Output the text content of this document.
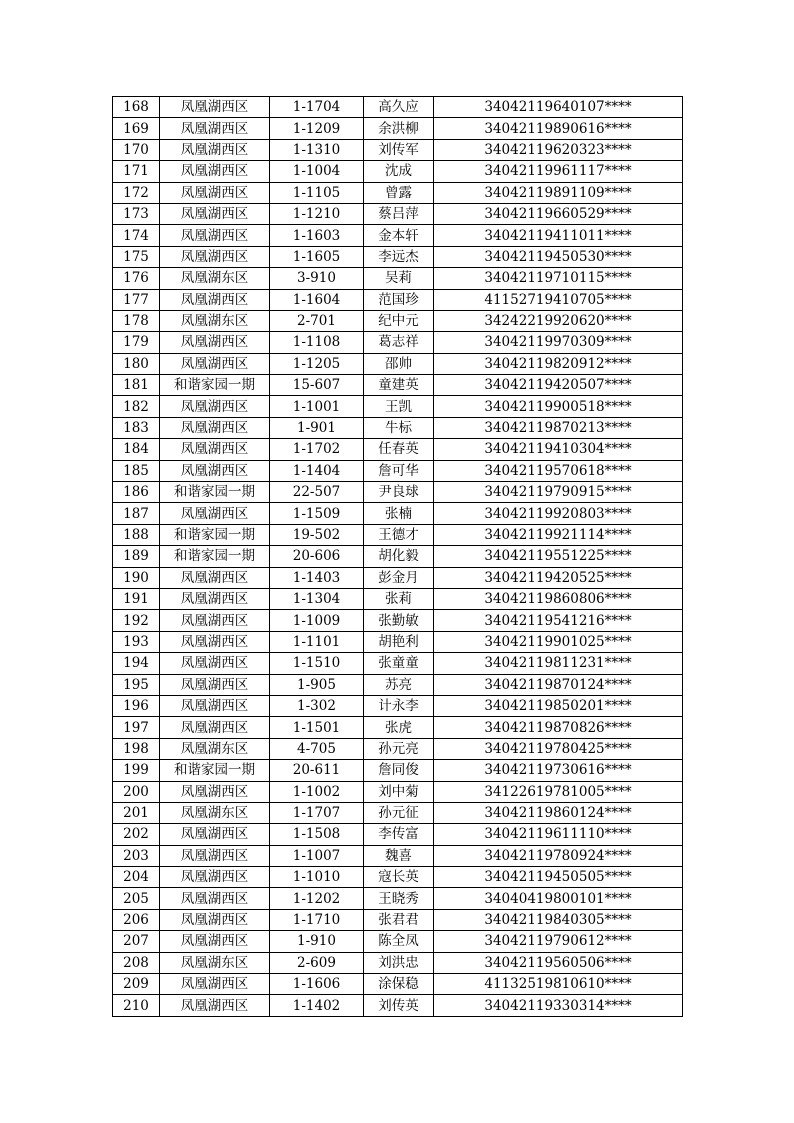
168	凤凰湖西区	1-1704	高久应	34042119640107****
169	凤凰湖西区	1-1209	余洪柳	34042119890616****
170	凤凰湖西区	1-1310	刘传军	34042119620323****
171	凤凰湖西区	1-1004	沈成	34042119961117****
172	凤凰湖西区	1-1105	曾露	34042119891109****
173	凤凰湖西区	1-1210	蔡吕萍	34042119660529****
174	凤凰湖西区	1-1603	金本轩	34042119411011****
175	凤凰湖西区	1-1605	李远杰	34042119450530****
176	凤凰湖东区	3-910	吴莉	34042119710115****
177	凤凰湖西区	1-1604	范国珍	41152719410705****
178	凤凰湖东区	2-701	纪中元	34242219920620****
179	凤凰湖西区	1-1108	葛志祥	34042119970309****
180	凤凰湖西区	1-1205	邵帅	34042119820912****
181	和谐家园一期	15-607	童建英	34042119420507****
182	凤凰湖西区	1-1001	王凯	34042119900518****
183	凤凰湖西区	1-901	牛标	34042119870213****
184	凤凰湖西区	1-1702	任春英	34042119410304****
185	凤凰湖西区	1-1404	詹可华	34042119570618****
186	和谐家园一期	22-507	尹良球	34042119790915****
187	凤凰湖西区	1-1509	张楠	34042119920803****
188	和谐家园一期	19-502	王德才	34042119921114****
189	和谐家园一期	20-606	胡化毅	34042119551225****
190	凤凰湖西区	1-1403	彭金月	34042119420525****
191	凤凰湖西区	1-1304	张莉	34042119860806****
192	凤凰湖西区	1-1009	张勤敏	34042119541216****
193	凤凰湖西区	1-1101	胡艳利	34042119901025****
194	凤凰湖西区	1-1510	张童童	34042119811231****
195	凤凰湖西区	1-905	苏亮	34042119870124****
196	凤凰湖西区	1-302	计永李	34042119850201****
197	凤凰湖西区	1-1501	张虎	34042119870826****
198	凤凰湖东区	4-705	孙元亮	34042119780425****
199	和谐家园一期	20-611	詹同俊	34042119730616****
200	凤凰湖西区	1-1002	刘中菊	34122619781005****
201	凤凰湖东区	1-1707	孙元征	34042119860124****
202	凤凰湖西区	1-1508	李传富	34042119611110****
203	凤凰湖西区	1-1007	魏喜	34042119780924****
204	凤凰湖西区	1-1010	寇长英	34042119450505****
205	凤凰湖西区	1-1202	王晓秀	34040419800101****
206	凤凰湖西区	1-1710	张君君	34042119840305****
207	凤凰湖西区	1-910	陈全凤	34042119790612****
208	凤凰湖东区	2-609	刘洪忠	34042119560506****
209	凤凰湖西区	1-1606	涂保稳	41132519810610****
210	凤凰湖西区	1-1402	刘传英	34042119330314****
